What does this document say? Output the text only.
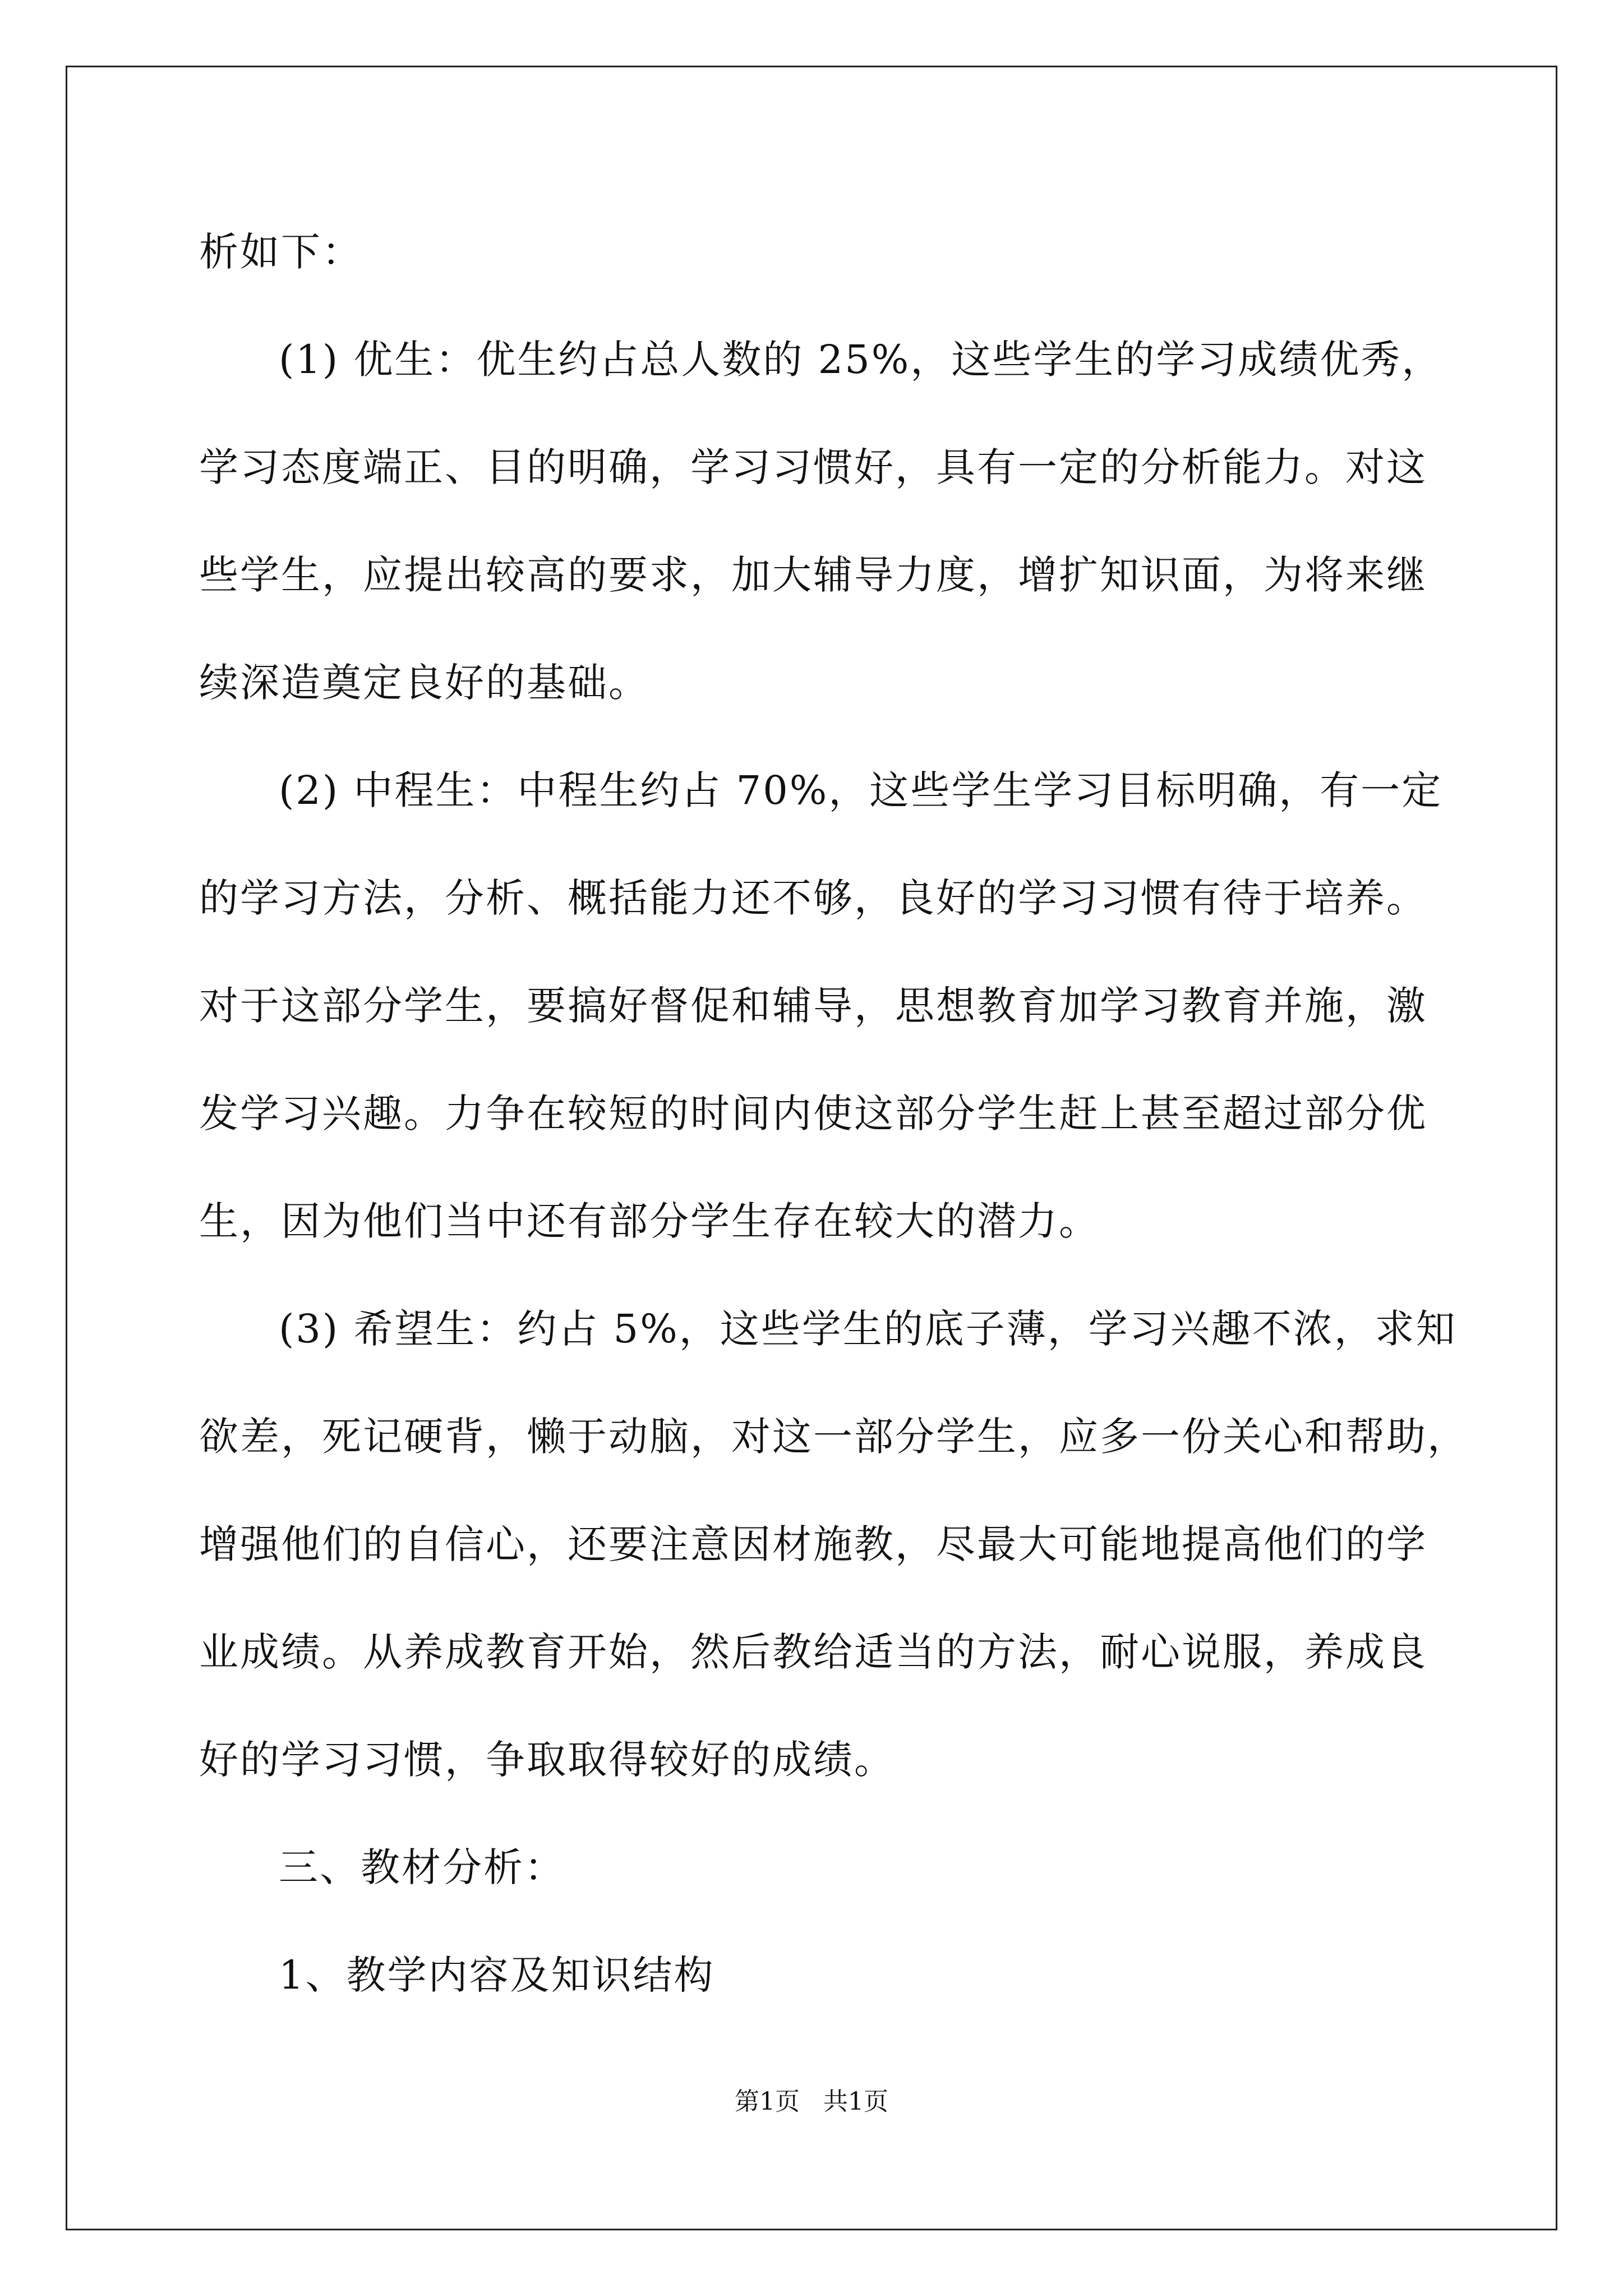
析如下：
(1) 优生：优生约占总人数的 25%，这些学生的学习成绩优秀，
学习态度端正、目的明确，学习习惯好，具有一定的分析能力。对这
些学生，应提出较高的要求，加大辅导力度，增扩知识面，为将来继
续深造奠定良好的基础。
(2) 中程生：中程生约占 70%，这些学生学习目标明确，有一定
的学习方法，分析、概括能力还不够，良好的学习习惯有待于培养。
对于这部分学生，要搞好督促和辅导，思想教育加学习教育并施，激
发学习兴趣。力争在较短的时间内使这部分学生赶上甚至超过部分优
生，因为他们当中还有部分学生存在较大的潜力。
(3) 希望生：约占 5%，这些学生的底子薄，学习兴趣不浓，求知
欲差，死记硬背，懒于动脑，对这一部分学生，应多一份关心和帮助，
增强他们的自信心，还要注意因材施教，尽最大可能地提高他们的学
业成绩。从养成教育开始，然后教给适当的方法，耐心说服，养成良
好的学习习惯，争取取得较好的成绩。
三、教材分析：
1、教学内容及知识结构
第1页   共1页
